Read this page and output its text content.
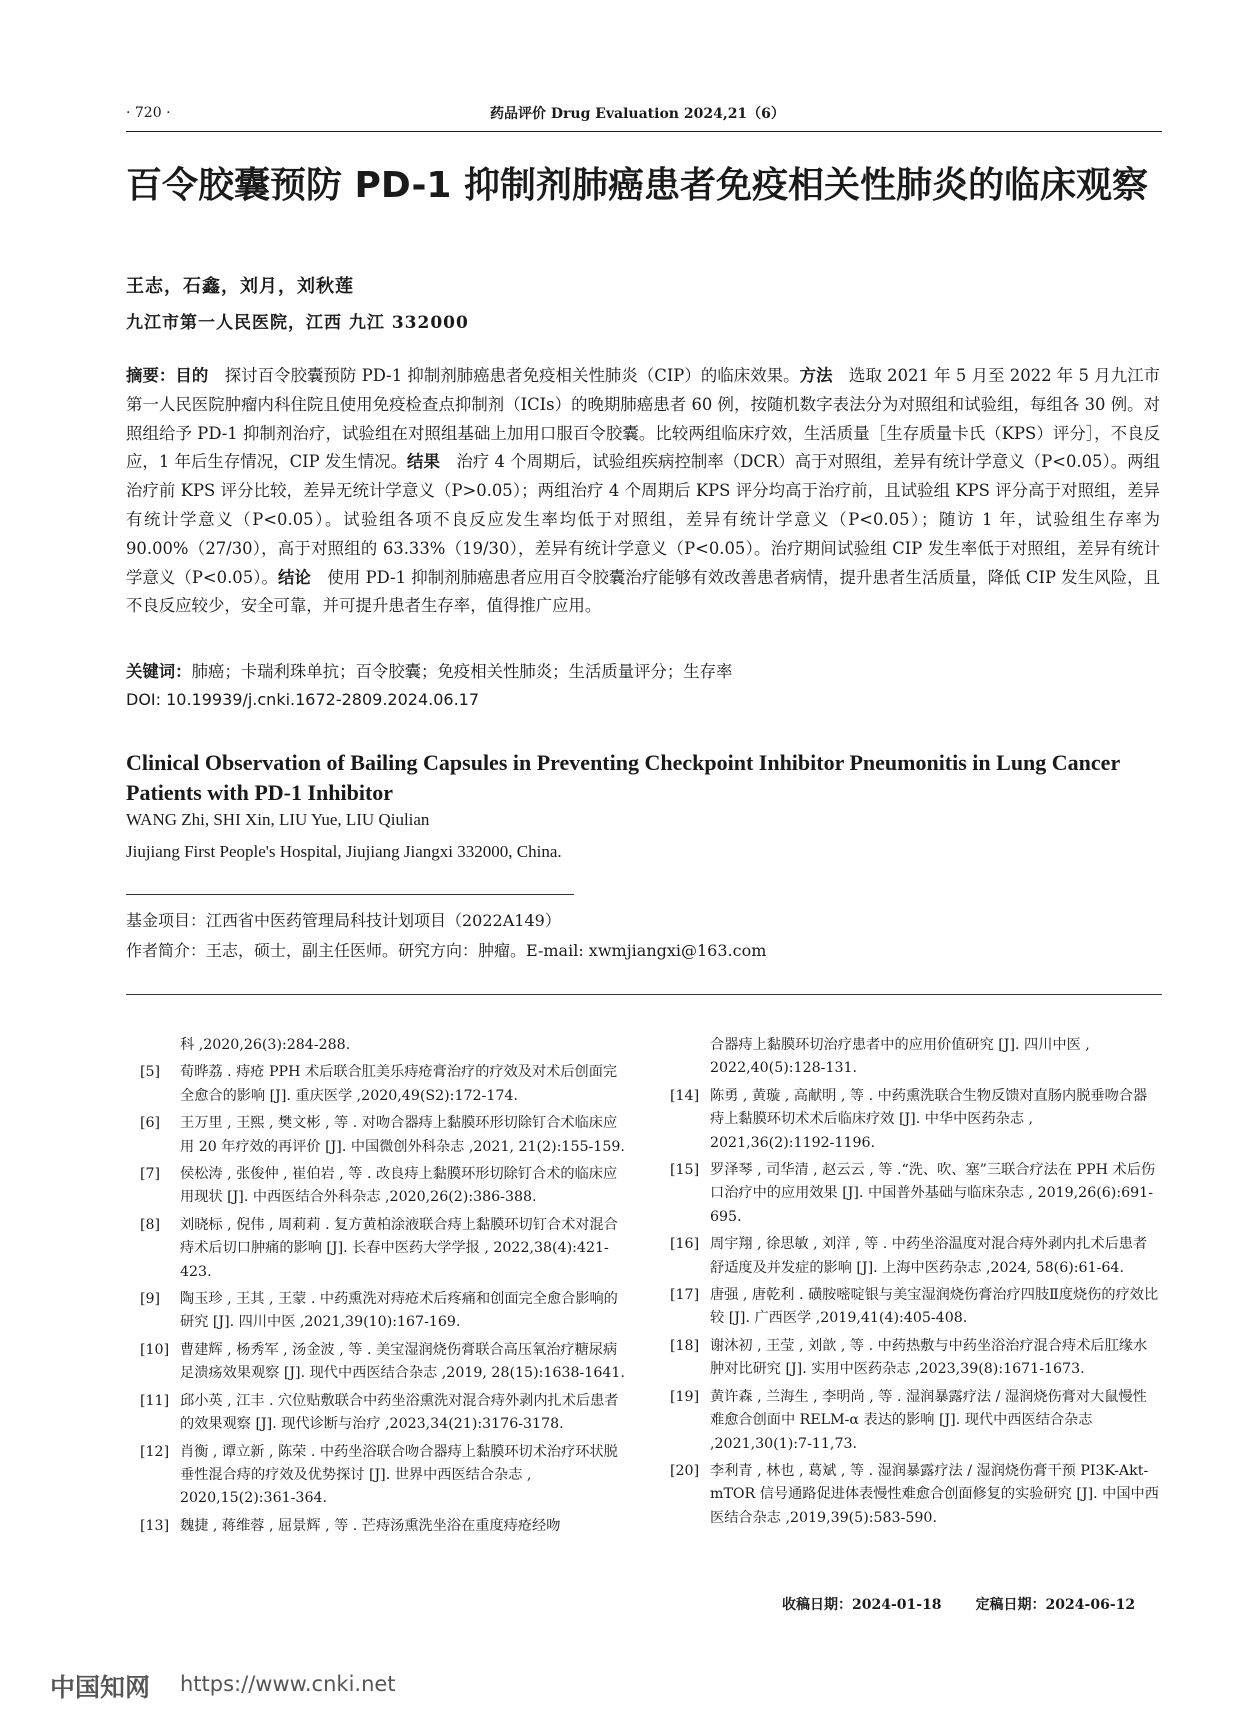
· 720 ·	药品评价 Drug Evaluation 2024,21（6）
百令胶囊预防 PD-1 抑制剂肺癌患者免疫相关性肺炎的临床观察
王志，石鑫，刘月，刘秋莲
九江市第一人民医院，江西 九江 332000
摘要：目的　探讨百令胶囊预防 PD-1 抑制剂肺癌患者免疫相关性肺炎（CIP）的临床效果。方法　选取 2021 年 5 月至 2022 年 5 月九江市第一人民医院肿瘤内科住院且使用免疫检查点抑制剂（ICIs）的晚期肺癌患者 60 例，按随机数字表法分为对照组和试验组，每组各 30 例。对照组给予 PD-1 抑制剂治疗，试验组在对照组基础上加用口服百令胶囊。比较两组临床疗效，生活质量［生存质量卡氏（KPS）评分］，不良反应，1 年后生存情况，CIP 发生情况。结果　治疗 4 个周期后，试验组疾病控制率（DCR）高于对照组，差异有统计学意义（P<0.05）。两组治疗前 KPS 评分比较，差异无统计学意义（P>0.05）；两组治疗 4 个周期后 KPS 评分均高于治疗前，且试验组 KPS 评分高于对照组，差异有统计学意义（P<0.05）。试验组各项不良反应发生率均低于对照组，差异有统计学意义（P<0.05）；随访 1 年，试验组生存率为 90.00%（27/30），高于对照组的 63.33%（19/30），差异有统计学意义（P<0.05）。治疗期间试验组 CIP 发生率低于对照组，差异有统计学意义（P<0.05）。结论　使用 PD-1 抑制剂肺癌患者应用百令胶囊治疗能够有效改善患者病情，提升患者生活质量，降低 CIP 发生风险，且不良反应较少，安全可靠，并可提升患者生存率，值得推广应用。
关键词：肺癌；卡瑞利珠单抗；百令胶囊；免疫相关性肺炎；生活质量评分；生存率
DOI: 10.19939/j.cnki.1672-2809.2024.06.17
Clinical Observation of Bailing Capsules in Preventing Checkpoint Inhibitor Pneumonitis in Lung Cancer Patients with PD-1 Inhibitor
WANG Zhi, SHI Xin, LIU Yue, LIU Qiulian
Jiujiang First People's Hospital, Jiujiang Jiangxi 332000, China.
基金项目：江西省中医药管理局科技计划项目（2022A149）
作者简介：王志，硕士，副主任医师。研究方向：肿瘤。E-mail: xwmjiangxi@163.com
科 ,2020,26(3):284-288.
[5]	荀晔荔 . 痔疮 PPH 术后联合肛美乐痔疮膏治疗的疗效及对术后创面完全愈合的影响 [J]. 重庆医学 ,2020,49(S2):172-174.
[6]	王万里 , 王熙 , 樊文彬 , 等 . 对吻合器痔上黏膜环形切除钉合术临床应用 20 年疗效的再评价 [J]. 中国微创外科杂志 ,2021, 21(2):155-159.
[7]	侯松涛 , 张俊仲 , 崔伯岩 , 等 . 改良痔上黏膜环形切除钉合术的临床应用现状 [J]. 中西医结合外科杂志 ,2020,26(2):386-388.
[8]	刘晓标 , 倪伟 , 周莉莉 . 复方黄柏涂液联合痔上黏膜环切钉合术对混合痔术后切口肿痛的影响 [J]. 长春中医药大学学报 , 2022,38(4):421-423.
[9]	陶玉珍 , 王其 , 王蒙 . 中药熏洗对痔疮术后疼痛和创面完全愈合影响的研究 [J]. 四川中医 ,2021,39(10):167-169.
[10] 曹建辉 , 杨秀军 , 汤金波 , 等 . 美宝湿润烧伤膏联合高压氧治疗糖尿病足溃疡效果观察 [J]. 现代中西医结合杂志 ,2019, 28(15):1638-1641.
[11] 邱小英 , 江丰 . 穴位贴敷联合中药坐浴熏洗对混合痔外剥内扎术后患者的效果观察 [J]. 现代诊断与治疗 ,2023,34(21):3176-3178.
[12] 肖衡 , 谭立新 , 陈荣 . 中药坐浴联合吻合器痔上黏膜环切术治疗环状脱垂性混合痔的疗效及优势探讨 [J]. 世界中西医结合杂志 , 2020,15(2):361-364.
[13] 魏捷 , 蒋维蓉 , 屈景辉 , 等 . 芒痔汤熏洗坐浴在重度痔疮经吻
合器痔上黏膜环切治疗患者中的应用价值研究 [J]. 四川中医 , 2022,40(5):128-131.
[14] 陈勇 , 黄璇 , 高献明 , 等 . 中药熏洗联合生物反馈对直肠内脱垂吻合器痔上黏膜环切术术后临床疗效 [J]. 中华中医药杂志 , 2021,36(2):1192-1196.
[15] 罗泽琴 , 司华清 , 赵云云 , 等 .“洗、吹、塞”三联合疗法在 PPH 术后伤口治疗中的应用效果 [J]. 中国普外基础与临床杂志 , 2019,26(6):691-695.
[16] 周宇翔 , 徐思敏 , 刘洋 , 等 . 中药坐浴温度对混合痔外剥内扎术后患者舒适度及并发症的影响 [J]. 上海中医药杂志 ,2024, 58(6):61-64.
[17] 唐强 , 唐乾利 . 磺胺嘧啶银与美宝湿润烧伤膏治疗四肢Ⅱ度烧伤的疗效比较 [J]. 广西医学 ,2019,41(4):405-408.
[18] 谢沐初 , 王莹 , 刘歆 , 等 . 中药热敷与中药坐浴治疗混合痔术后肛缘水肿对比研究 [J]. 实用中医药杂志 ,2023,39(8):1671-1673.
[19] 黄许森 , 兰海生 , 李明尚 , 等 . 湿润暴露疗法 / 湿润烧伤膏对大鼠慢性难愈合创面中 RELM-α 表达的影响 [J]. 现代中西医结合杂志 ,2021,30(1):7-11,73.
[20] 李利青 , 林也 , 葛斌 , 等 . 湿润暴露疗法 / 湿润烧伤膏干预 PI3K-Akt-mTOR 信号通路促进体表慢性难愈合创面修复的实验研究 [J]. 中国中西医结合杂志 ,2019,39(5):583-590.
收稿日期：2024-01-18 定稿日期：2024-06-12
中国知网 https://www.cnki.net
